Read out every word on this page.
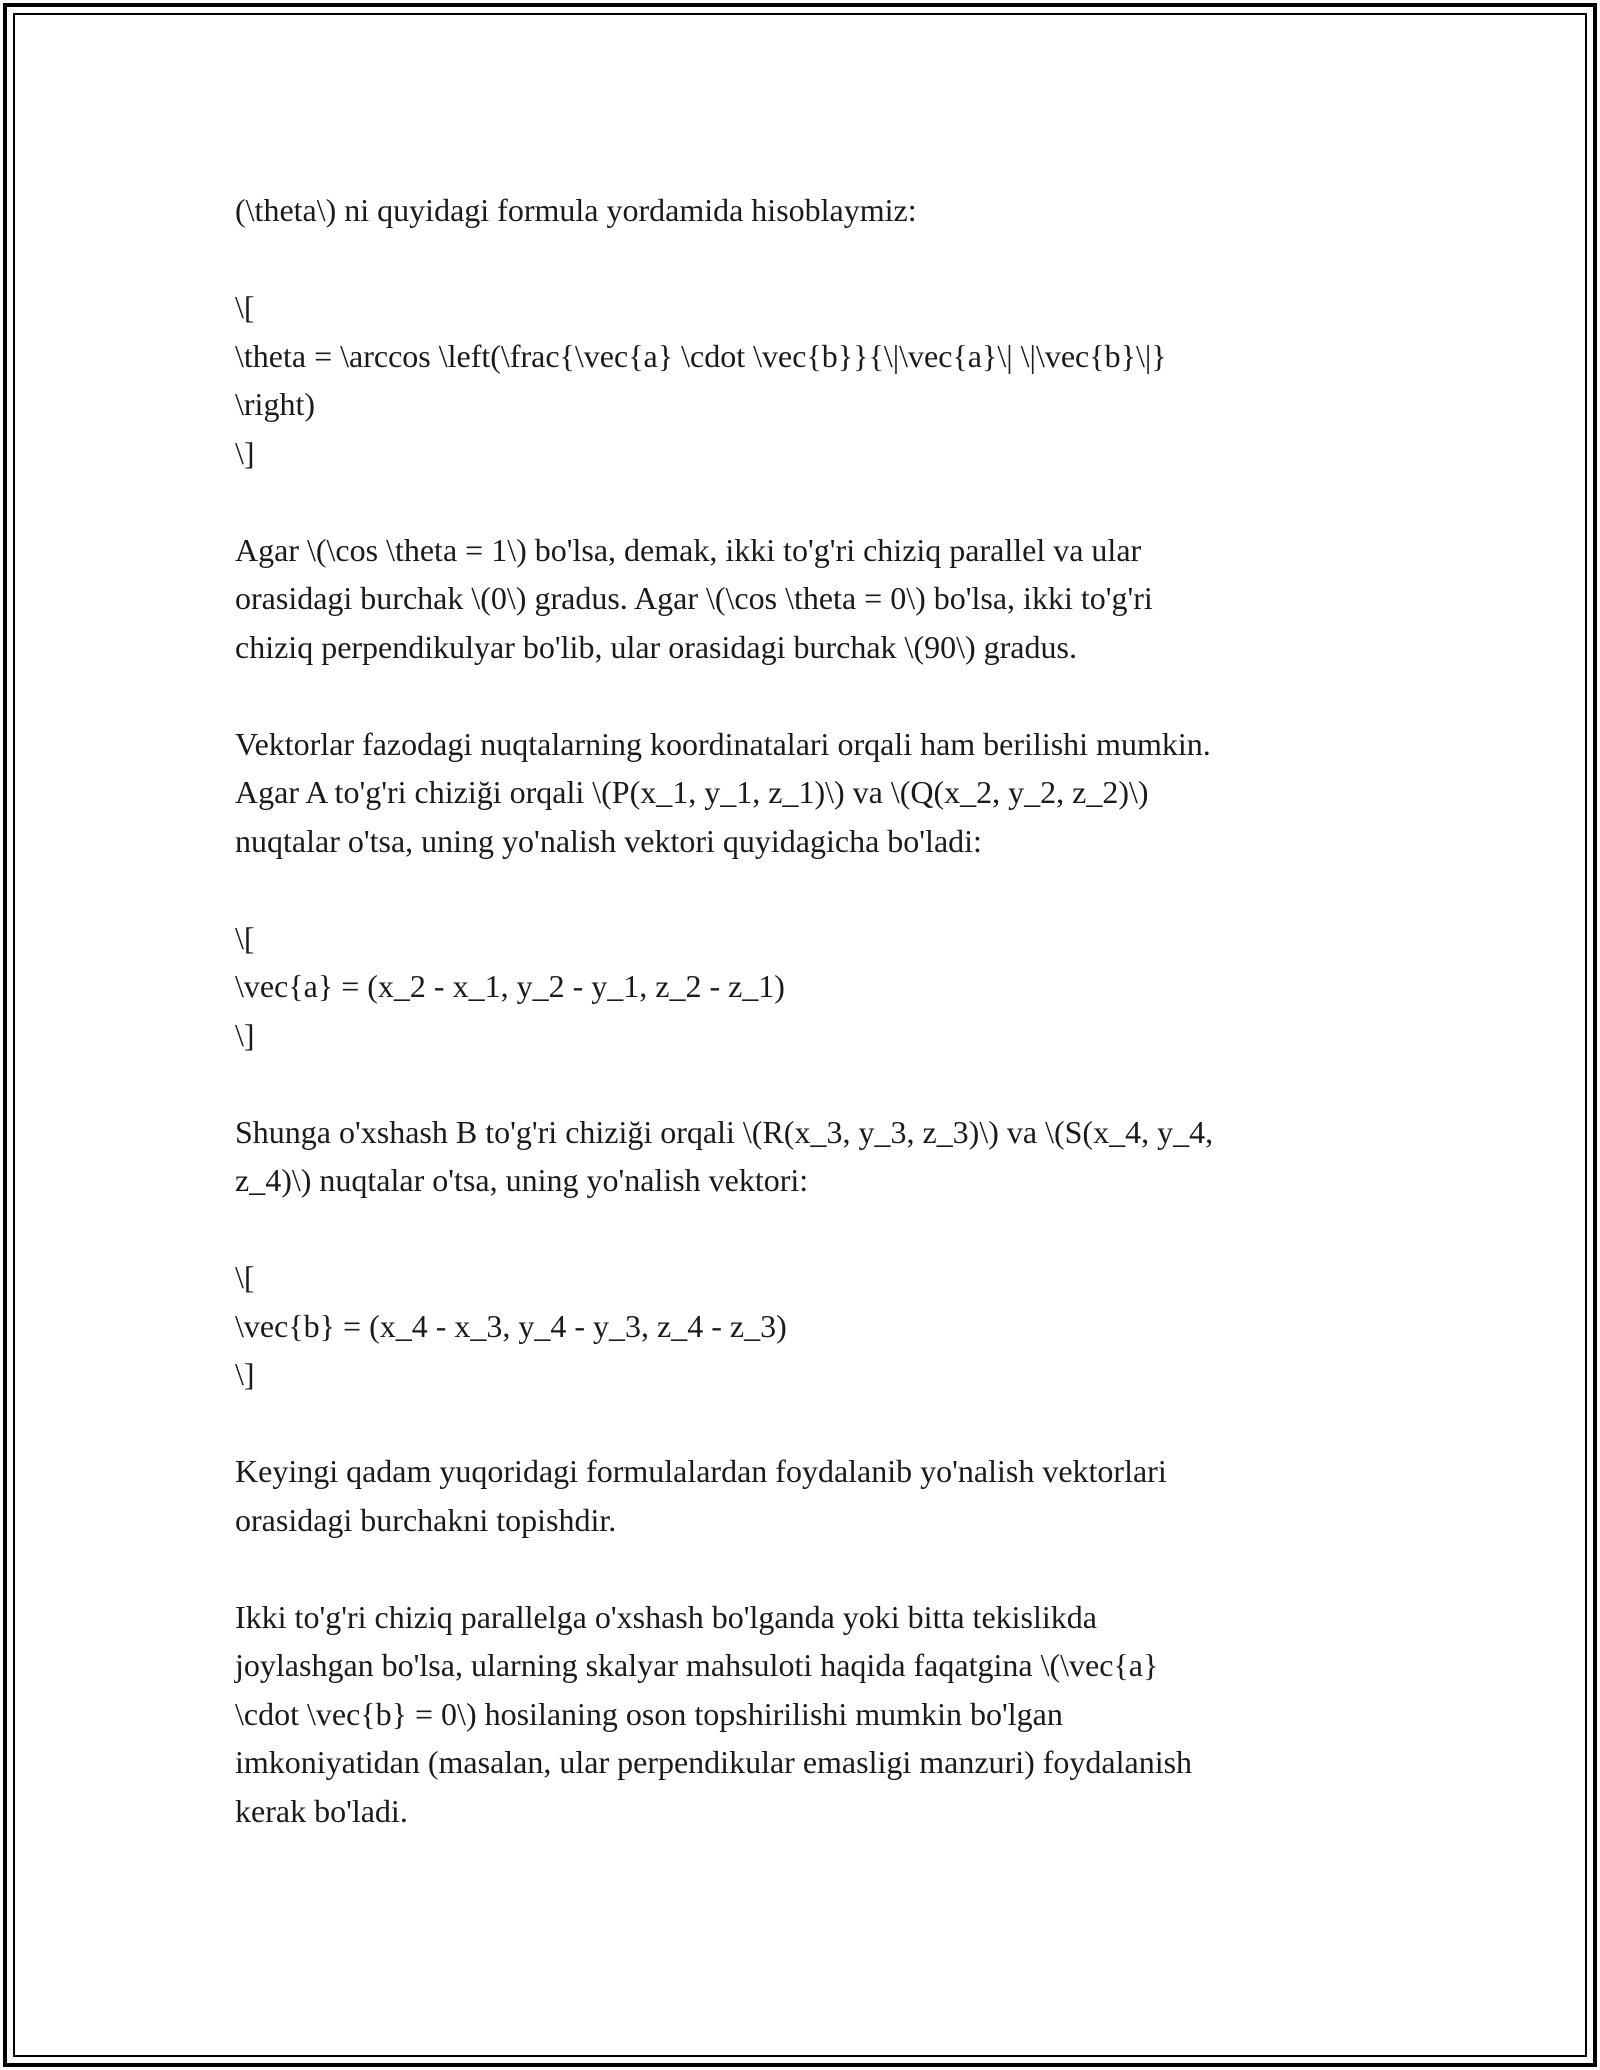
(\theta\) ni quyidagi formula yordamida hisoblaymiz:
\[
\theta = \arccos \left(\frac{\vec{a} \cdot \vec{b}}{\|\vec{a}\| \|\vec{b}\|}
\right)
\]
Agar \(\cos \theta = 1\) bo'lsa, demak, ikki to'g'ri chiziq parallel va ular
orasidagi burchak \(0\) gradus. Agar \(\cos \theta = 0\) bo'lsa, ikki to'g'ri
chiziq perpendikulyar bo'lib, ular orasidagi burchak \(90\) gradus.
Vektorlar fazodagi nuqtalarning koordinatalari orqali ham berilishi mumkin.
Agar A to'g'ri chiziği orqali \(P(x_1, y_1, z_1)\) va \(Q(x_2, y_2, z_2)\)
nuqtalar o'tsa, uning yo'nalish vektori quyidagicha bo'ladi:
\[
\vec{a} = (x_2 - x_1, y_2 - y_1, z_2 - z_1)
\]
Shunga o'xshash B to'g'ri chiziği orqali \(R(x_3, y_3, z_3)\) va \(S(x_4, y_4,
z_4)\) nuqtalar o'tsa, uning yo'nalish vektori:
\[
\vec{b} = (x_4 - x_3, y_4 - y_3, z_4 - z_3)
\]
Keyingi qadam yuqoridagi formulalardan foydalanib yo'nalish vektorlari
orasidagi burchakni topishdir.
Ikki to'g'ri chiziq parallelga o'xshash bo'lganda yoki bitta tekislikda
joylashgan bo'lsa, ularning skalyar mahsuloti haqida faqatgina \(\vec{a}
\cdot \vec{b} = 0\) hosilaning oson topshirilishi mumkin bo'lgan
imkoniyatidan (masalan, ular perpendikular emasligi manzuri) foydalanish
kerak bo'ladi.
